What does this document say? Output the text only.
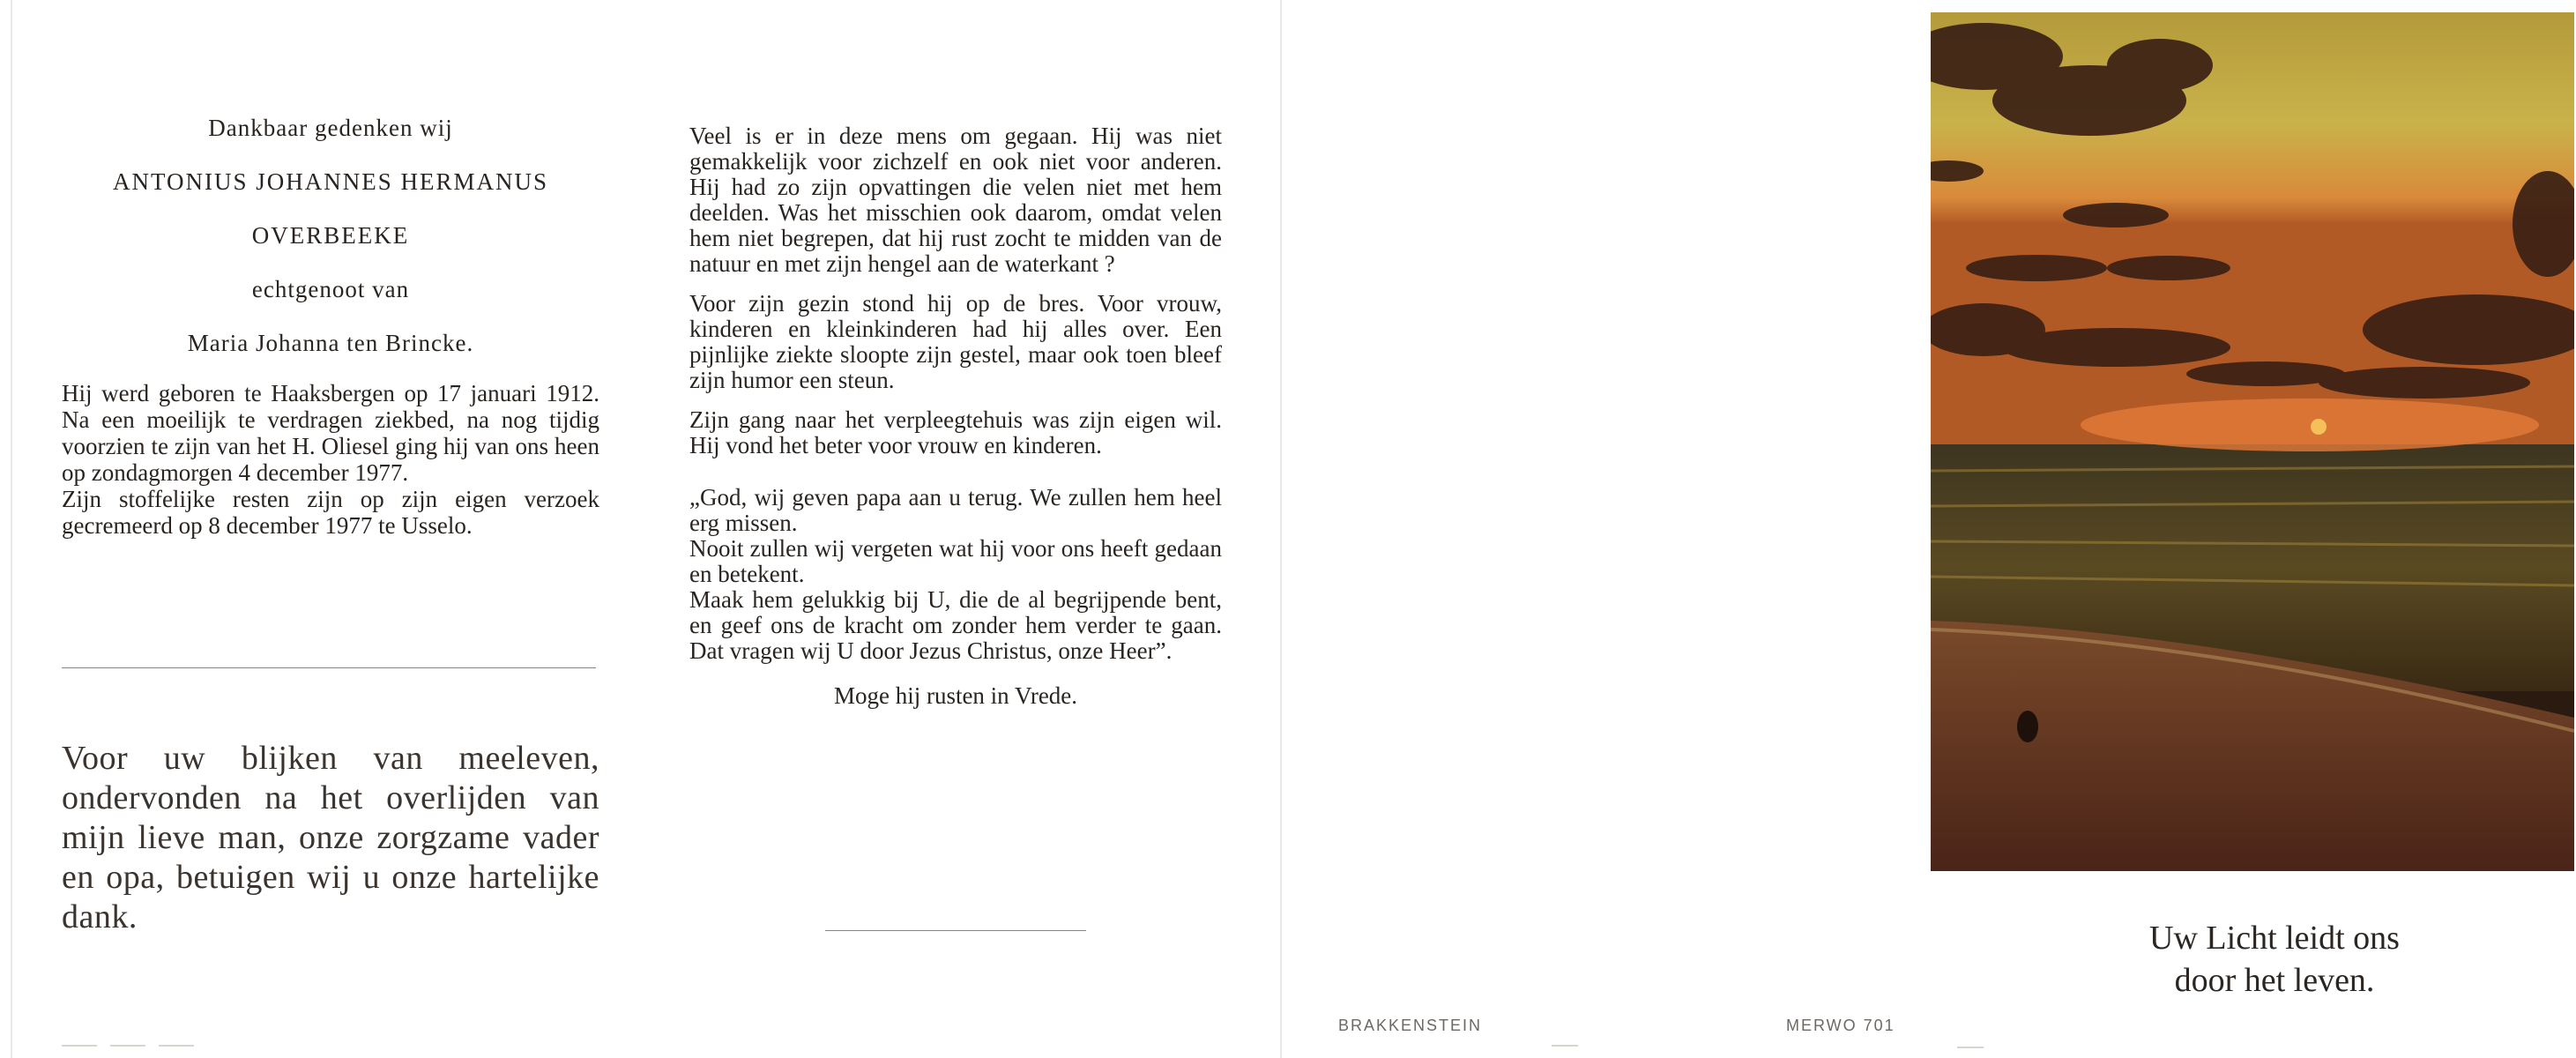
Dankbaar gedenken wij
ANTONIUS JOHANNES HERMANUS
OVERBEEKE
echtgenoot van
Maria Johanna ten Brincke.

Hij werd geboren te Haaksbergen op 17 januari 1912. Na een moeilijk te verdragen ziekbed, na nog tijdig voorzien te zijn van het H. Oliesel ging hij van ons heen op zondagmorgen 4 december 1977.

Zijn stoffelijke resten zijn op zijn eigen verzoek gecremeerd op 8 december 1977 te Usselo.

Voor uw blijken van meeleven, ondervonden na het overlijden van mijn lieve man, onze zorgzame vader en opa, betuigen wij u onze hartelijke dank.

Veel is er in deze mens om gegaan. Hij was niet gemakkelijk voor zichzelf en ook niet voor anderen. Hij had zo zijn opvattingen die velen niet met hem deelden. Was het misschien ook daarom, omdat velen hem niet begrepen, dat hij rust zocht te midden van de natuur en met zijn hengel aan de waterkant ?

Voor zijn gezin stond hij op de bres. Voor vrouw, kinderen en kleinkinderen had hij alles over. Een pijnlijke ziekte sloopte zijn gestel, maar ook toen bleef zijn humor een steun.

Zijn gang naar het verpleegtehuis was zijn eigen wil. Hij vond het beter voor vrouw en kinderen.

„God, wij geven papa aan u terug. We zullen hem heel erg missen.
Nooit zullen wij vergeten wat hij voor ons heeft gedaan en betekent.
Maak hem gelukkig bij U, die de al begrijpende bent, en geef ons de kracht om zonder hem verder te gaan. Dat vragen wij U door Jezus Christus, onze Heer”.

Moge hij rusten in Vrede.

Uw Licht leidt ons
door het leven.
BRAKKENSTEIN	MERWO 701
